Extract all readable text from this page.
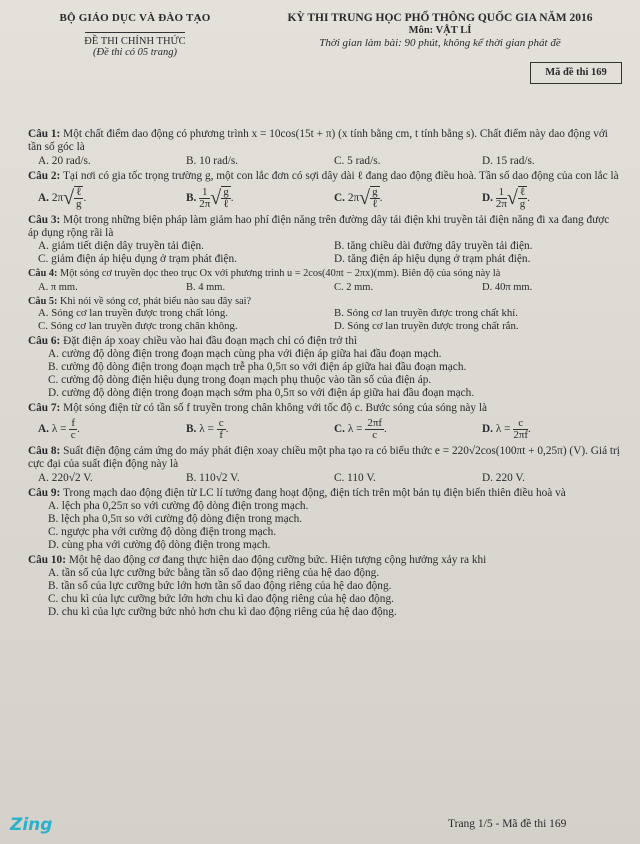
BỘ GIÁO DỤC VÀ ĐÀO TẠO
ĐỀ THI CHÍNH THỨC
(Đề thi có 05 trang)
KỲ THI TRUNG HỌC PHỔ THÔNG QUỐC GIA NĂM 2016
Môn: VẬT LÍ
Thời gian làm bài: 90 phút, không kể thời gian phát đề
Mã đề thi 169

Câu 1: Một chất điểm dao động có phương trình x = 10cos(15t + π) (x tính bằng cm, t tính bằng s). Chất điểm này dao động với tần số góc là

A. 20 rad/s.	B. 10 rad/s.	C. 5 rad/s.	D. 15 rad/s.

Câu 2: Tại nơi có gia tốc trọng trường g, một con lắc đơn có sợi dây dài ℓ đang dao động điều hoà. Tần số dao động của con lắc là

A.
2π √ $\frac{\text{ℓ}}{g}$ .	B.
$\frac{1}{2\pi}$ √ $\frac{g}{\text{ℓ}}$ .	C.
2π √ $\frac{g}{\text{ℓ}}$ .	D.
$\frac{1}{2\pi}$ √ $\frac{\text{ℓ}}{g}$ .

Câu 3: Một trong những biện pháp làm giảm hao phí điện năng trên đường dây tải điện khi truyền tải điện năng đi xa đang được áp dụng rộng rãi là

A. giảm tiết diện dây truyền tải điện.	B. tăng chiều dài đường dây truyền tải điện.
C. giảm điện áp hiệu dụng ở trạm phát điện.	D. tăng điện áp hiệu dụng ở trạm phát điện.

Câu 4: Một sóng cơ truyền dọc theo trục Ox với phương trình u = 2cos(40πt − 2πx)(mm). Biên độ của sóng này là

A. π mm.	B. 4 mm.	C. 2 mm.	D. 40π mm.

Câu 5: Khi nói về sóng cơ, phát biểu nào sau đây sai?

A. Sóng cơ lan truyền được trong chất lỏng.	B. Sóng cơ lan truyền được trong chất khí.
C. Sóng cơ lan truyền được trong chân không.	D. Sóng cơ lan truyền được trong chất rắn.

Câu 6: Đặt điện áp xoay chiều vào hai đầu đoạn mạch chỉ có điện trở thì

A. cường độ dòng điện trong đoạn mạch cùng pha với điện áp giữa hai đầu đoạn mạch.
B. cường độ dòng điện trong đoạn mạch trễ pha 0,5π so với điện áp giữa hai đầu đoạn mạch.
C. cường độ dòng điện hiệu dụng trong đoạn mạch phụ thuộc vào tần số của điện áp.
D. cường độ dòng điện trong đoạn mạch sớm pha 0,5π so với điện áp giữa hai đầu đoạn mạch.

Câu 7: Một sóng điện từ có tần số f truyền trong chân không với tốc độ c. Bước sóng của sóng này là

A.
λ =
$\frac{f}{c}$ .	B.
λ =
$\frac{c}{f}$ .	C.
λ =
$\frac{2\pi f}{c}$ .	D.
λ =
$\frac{c}{2\pi f}$ .

Câu 8: Suất điện động cảm ứng do máy phát điện xoay chiều một pha tạo ra có biểu thức e = 220√2cos(100πt + 0,25π) (V). Giá trị cực đại của suất điện động này là

A. 220√2 V.	B. 110√2 V.	C. 110 V.	D. 220 V.

Câu 9: Trong mạch dao động điện từ LC lí tưởng đang hoạt động, điện tích trên một bản tụ điện biến thiên điều hoà và

A. lệch pha 0,25π so với cường độ dòng điện trong mạch.
B. lệch pha 0,5π so với cường độ dòng điện trong mạch.
C. ngược pha với cường độ dòng điện trong mạch.
D. cùng pha với cường độ dòng điện trong mạch.

Câu 10: Một hệ dao động cơ đang thực hiện dao động cưỡng bức. Hiện tượng cộng hưởng xảy ra khi

A. tần số của lực cưỡng bức bằng tần số dao động riêng của hệ dao động.
B. tần số của lực cưỡng bức lớn hơn tần số dao động riêng của hệ dao động.
C. chu kì của lực cưỡng bức lớn hơn chu kì dao động riêng của hệ dao động.
D. chu kì của lực cưỡng bức nhỏ hơn chu kì dao động riêng của hệ dao động.
Zing	Trang 1/5 - Mã đề thi 169
